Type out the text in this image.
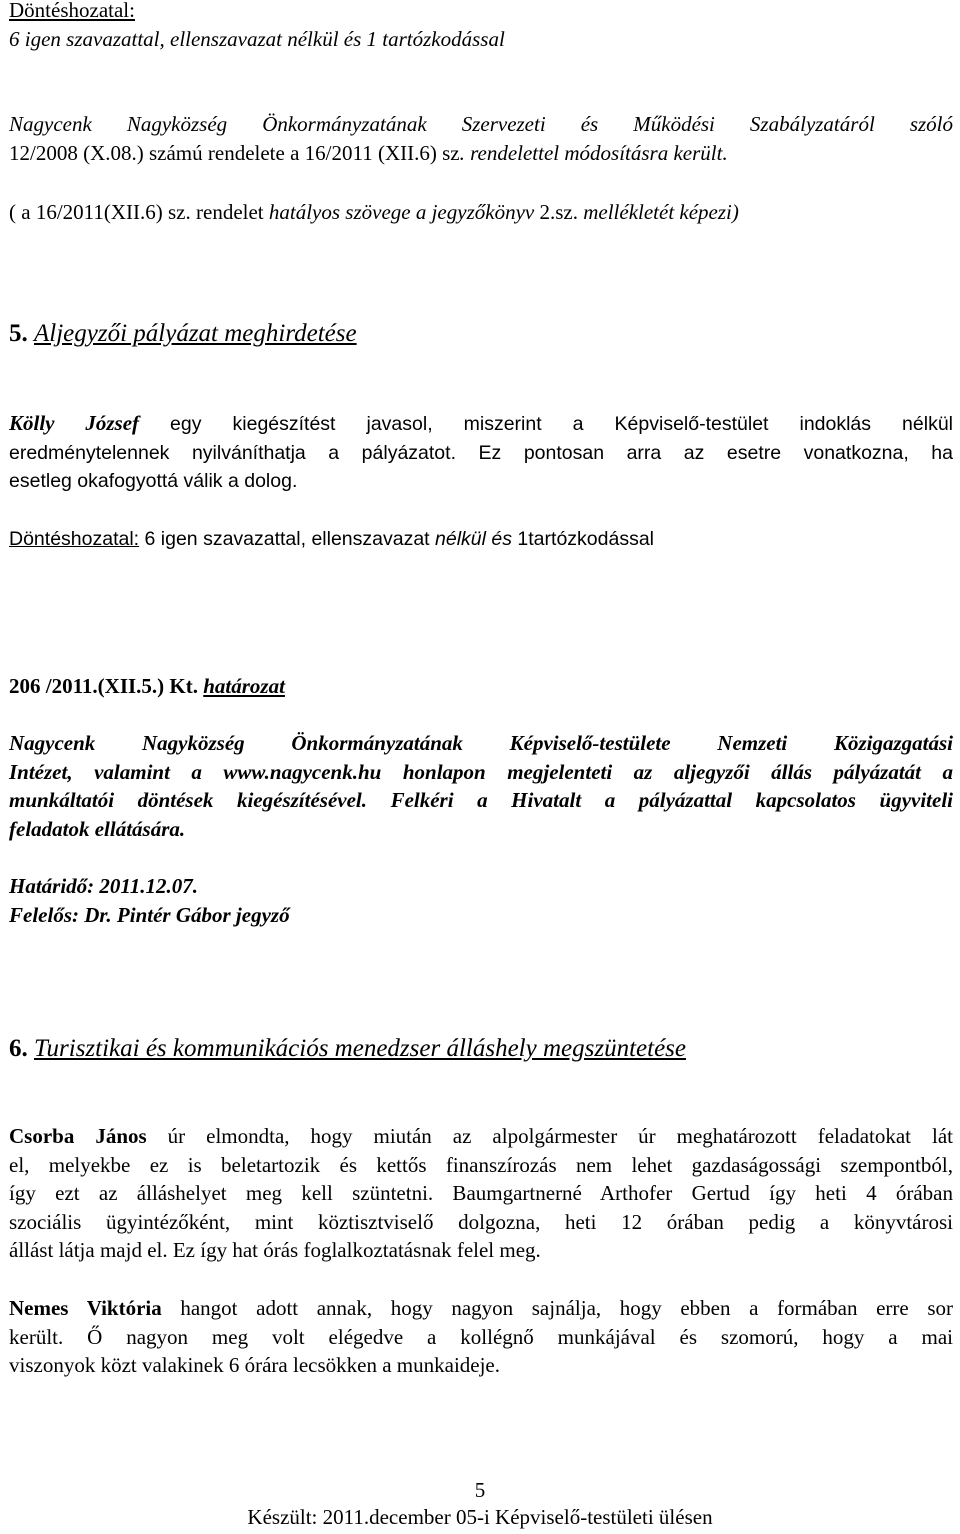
Döntéshozatal:
6 igen szavazattal, ellenszavazat nélkül és 1 tartózkodással
Nagycenk Nagyközség Önkormányzatának Szervezeti és Működési Szabályzatáról szóló
12/2008 (X.08.) számú rendelete a 16/2011 (XII.6) sz. rendelettel módosításra került.
( a 16/2011(XII.6) sz. rendelet hatályos szövege a jegyzőkönyv 2.sz. mellékletét képezi)
5. Aljegyzői pályázat meghirdetése
Kölly József egy kiegészítést javasol, miszerint a Képviselő-testület indoklás nélkül
eredménytelennek nyilváníthatja a pályázatot. Ez pontosan arra az esetre vonatkozna, ha
esetleg okafogyottá válik a dolog.
Döntéshozatal: 6 igen szavazattal, ellenszavazat nélkül és 1tartózkodással
206 /2011.(XII.5.) Kt. határozat
Nagycenk Nagyközség Önkormányzatának Képviselő-testülete Nemzeti Közigazgatási
Intézet, valamint a www.nagycenk.hu honlapon megjelenteti az aljegyzői állás pályázatát a
munkáltatói döntések kiegészítésével. Felkéri a Hivatalt a pályázattal kapcsolatos ügyviteli
feladatok ellátására.
Határidő: 2011.12.07.
Felelős: Dr. Pintér Gábor jegyző
6. Turisztikai és kommunikációs menedzser álláshely megszüntetése
Csorba János úr elmondta, hogy miután az alpolgármester úr meghatározott feladatokat lát
el, melyekbe ez is beletartozik és kettős finanszírozás nem lehet gazdaságossági szempontból,
így ezt az álláshelyet meg kell szüntetni. Baumgartnerné Arthofer Gertud így heti 4 órában
szociális ügyintézőként, mint köztisztviselő dolgozna, heti 12 órában pedig a könyvtárosi
állást látja majd el. Ez így hat órás foglalkoztatásnak felel meg.
Nemes Viktória hangot adott annak, hogy nagyon sajnálja, hogy ebben a formában erre sor
került. Ő nagyon meg volt elégedve a kollégnő munkájával és szomorú, hogy a mai
viszonyok közt valakinek 6 órára lecsökken a munkaideje.
5
Készült: 2011.december 05-i Képviselő-testületi ülésen
